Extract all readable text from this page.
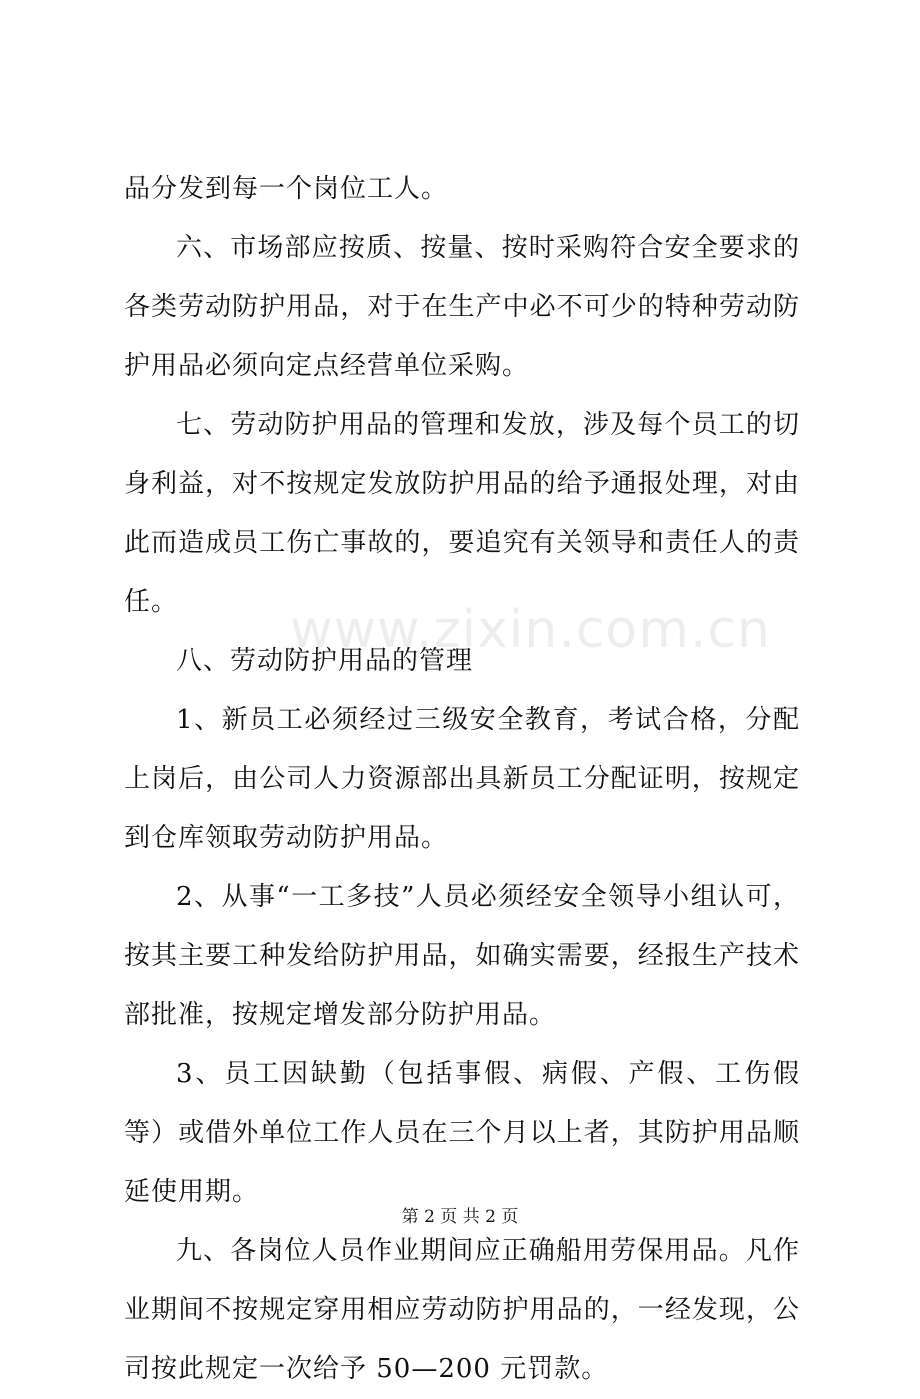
品分发到每一个岗位工人。

六、市场部应按质、按量、按时采购符合安全要求的各类劳动防护用品，对于在生产中必不可少的特种劳动防护用品必须向定点经营单位采购。

七、劳动防护用品的管理和发放，涉及每个员工的切身利益，对不按规定发放防护用品的给予通报处理，对由此而造成员工伤亡事故的，要追究有关领导和责任人的责任。

八、劳动防护用品的管理

1、新员工必须经过三级安全教育，考试合格，分配上岗后，由公司人力资源部出具新员工分配证明，按规定到仓库领取劳动防护用品。

2、从事“一工多技”人员必须经安全领导小组认可，按其主要工种发给防护用品，如确实需要，经报生产技术部批准，按规定增发部分防护用品。

3、员工因缺勤（包括事假、病假、产假、工伤假等）或借外单位工作人员在三个月以上者，其防护用品顺延使用期。

九、各岗位人员作业期间应正确船用劳保用品。凡作业期间不按规定穿用相应劳动防护用品的，一经发现，公司按此规定一次给予 50—200 元罚款。

www.zixin.com.cn
第 2 页 共 2 页
